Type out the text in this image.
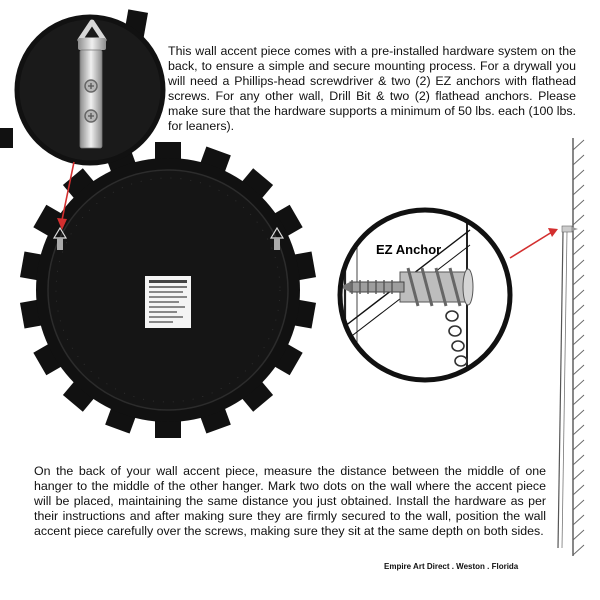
EZ Anchor
This wall accent piece comes with a pre-installed hardware system on the back, to ensure a simple and secure mounting process. For a drywall you will need a Phillips-head screwdriver & two (2) EZ anchors with flathead screws. For any other wall, Drill Bit & two (2) flathead anchors. Please make sure that the hardware supports a minimum of 50 lbs. each (100 lbs. for leaners).
On the back of your wall accent piece, measure the distance between the middle of one hanger to the middle of the other hanger. Mark two dots on the wall where the accent piece will be placed, maintaining the same distance you just obtained. Install the hardware as per their instructions and after making sure they are firmly secured to the wall, position the wall accent piece carefully over the screws, making sure they sit at the same depth on both sides.
Empire Art Direct . Weston . Florida
